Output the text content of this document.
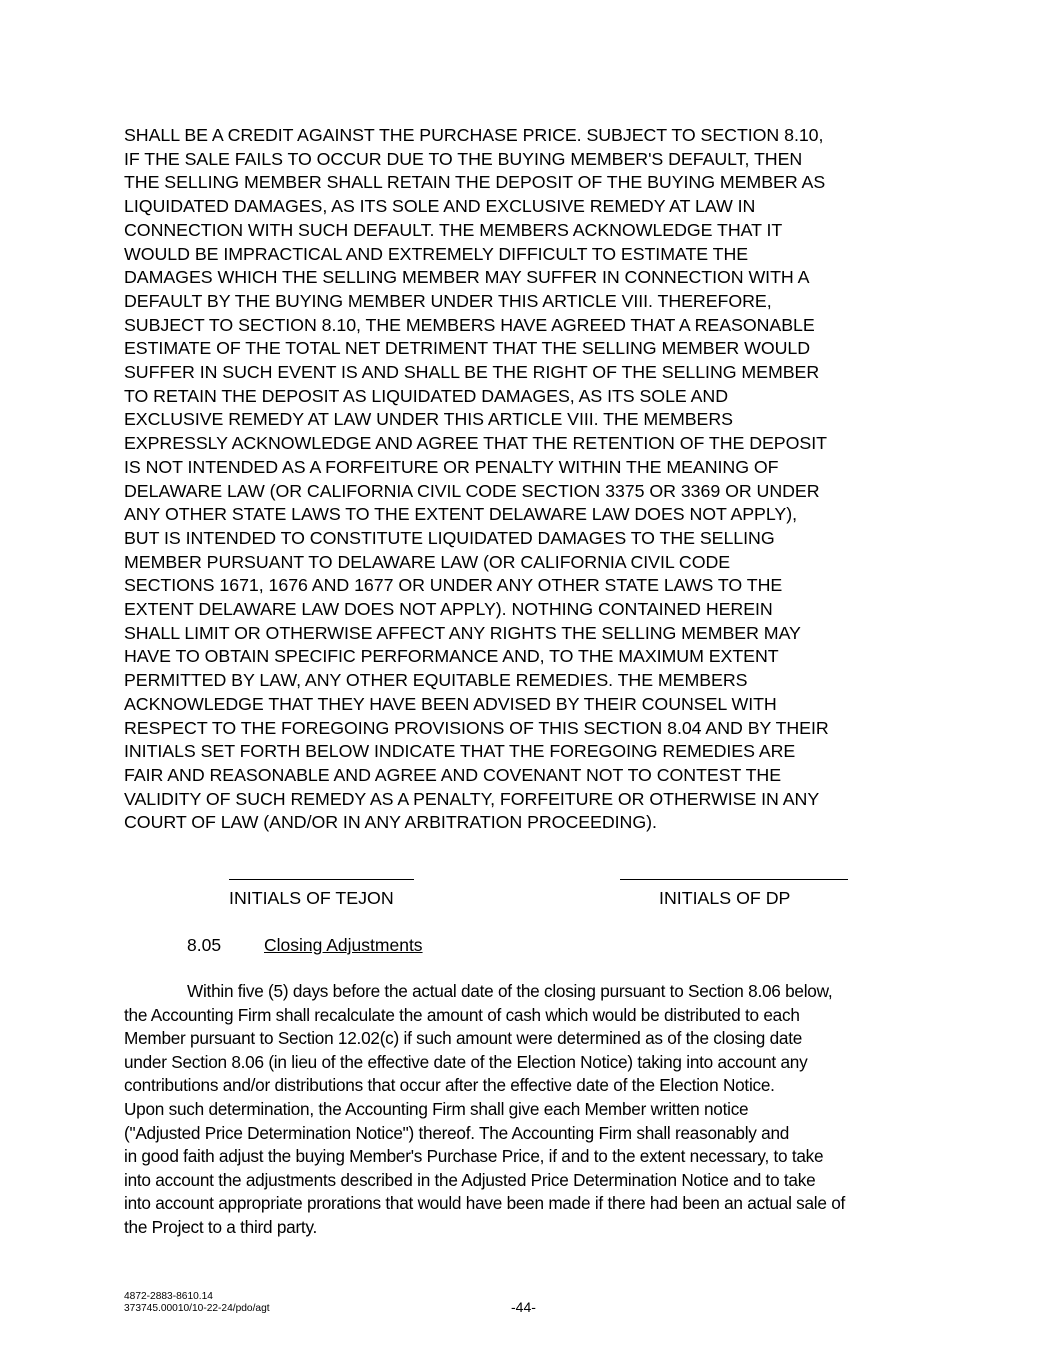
SHALL BE A CREDIT AGAINST THE PURCHASE PRICE. SUBJECT TO SECTION 8.10,
IF THE SALE FAILS TO OCCUR DUE TO THE BUYING MEMBER'S DEFAULT, THEN
THE SELLING MEMBER SHALL RETAIN THE DEPOSIT OF THE BUYING MEMBER AS
LIQUIDATED DAMAGES, AS ITS SOLE AND EXCLUSIVE REMEDY AT LAW IN
CONNECTION WITH SUCH DEFAULT. THE MEMBERS ACKNOWLEDGE THAT IT
WOULD BE IMPRACTICAL AND EXTREMELY DIFFICULT TO ESTIMATE THE
DAMAGES WHICH THE SELLING MEMBER MAY SUFFER IN CONNECTION WITH A
DEFAULT BY THE BUYING MEMBER UNDER THIS ARTICLE VIII. THEREFORE,
SUBJECT TO SECTION 8.10, THE MEMBERS HAVE AGREED THAT A REASONABLE
ESTIMATE OF THE TOTAL NET DETRIMENT THAT THE SELLING MEMBER WOULD
SUFFER IN SUCH EVENT IS AND SHALL BE THE RIGHT OF THE SELLING MEMBER
TO RETAIN THE DEPOSIT AS LIQUIDATED DAMAGES, AS ITS SOLE AND
EXCLUSIVE REMEDY AT LAW UNDER THIS ARTICLE VIII. THE MEMBERS
EXPRESSLY ACKNOWLEDGE AND AGREE THAT THE RETENTION OF THE DEPOSIT
IS NOT INTENDED AS A FORFEITURE OR PENALTY WITHIN THE MEANING OF
DELAWARE LAW (OR CALIFORNIA CIVIL CODE SECTION 3375 OR 3369 OR UNDER
ANY OTHER STATE LAWS TO THE EXTENT DELAWARE LAW DOES NOT APPLY),
BUT IS INTENDED TO CONSTITUTE LIQUIDATED DAMAGES TO THE SELLING
MEMBER PURSUANT TO DELAWARE LAW (OR CALIFORNIA CIVIL CODE
SECTIONS 1671, 1676 AND 1677 OR UNDER ANY OTHER STATE LAWS TO THE
EXTENT DELAWARE LAW DOES NOT APPLY). NOTHING CONTAINED HEREIN
SHALL LIMIT OR OTHERWISE AFFECT ANY RIGHTS THE SELLING MEMBER MAY
HAVE TO OBTAIN SPECIFIC PERFORMANCE AND, TO THE MAXIMUM EXTENT
PERMITTED BY LAW, ANY OTHER EQUITABLE REMEDIES. THE MEMBERS
ACKNOWLEDGE THAT THEY HAVE BEEN ADVISED BY THEIR COUNSEL WITH
RESPECT TO THE FOREGOING PROVISIONS OF THIS SECTION 8.04 AND BY THEIR
INITIALS SET FORTH BELOW INDICATE THAT THE FOREGOING REMEDIES ARE
FAIR AND REASONABLE AND AGREE AND COVENANT NOT TO CONTEST THE
VALIDITY OF SUCH REMEDY AS A PENALTY, FORFEITURE OR OTHERWISE IN ANY
COURT OF LAW (AND/OR IN ANY ARBITRATION PROCEEDING).
INITIALS OF TEJON	INITIALS OF DP
8.05 Closing Adjustments
Within five (5) days before the actual date of the closing pursuant to Section 8.06 below,
the Accounting Firm shall recalculate the amount of cash which would be distributed to each
Member pursuant to Section 12.02(c) if such amount were determined as of the closing date
under Section 8.06 (in lieu of the effective date of the Election Notice) taking into account any
contributions and/or distributions that occur after the effective date of the Election Notice.
Upon such determination, the Accounting Firm shall give each Member written notice
("Adjusted Price Determination Notice") thereof. The Accounting Firm shall reasonably and
in good faith adjust the buying Member's Purchase Price, if and to the extent necessary, to take
into account the adjustments described in the Adjusted Price Determination Notice and to take
into account appropriate prorations that would have been made if there had been an actual sale of
the Project to a third party.
4872-2883-8610.14
373745.00010/10-22-24/pdo/agt	-44-
